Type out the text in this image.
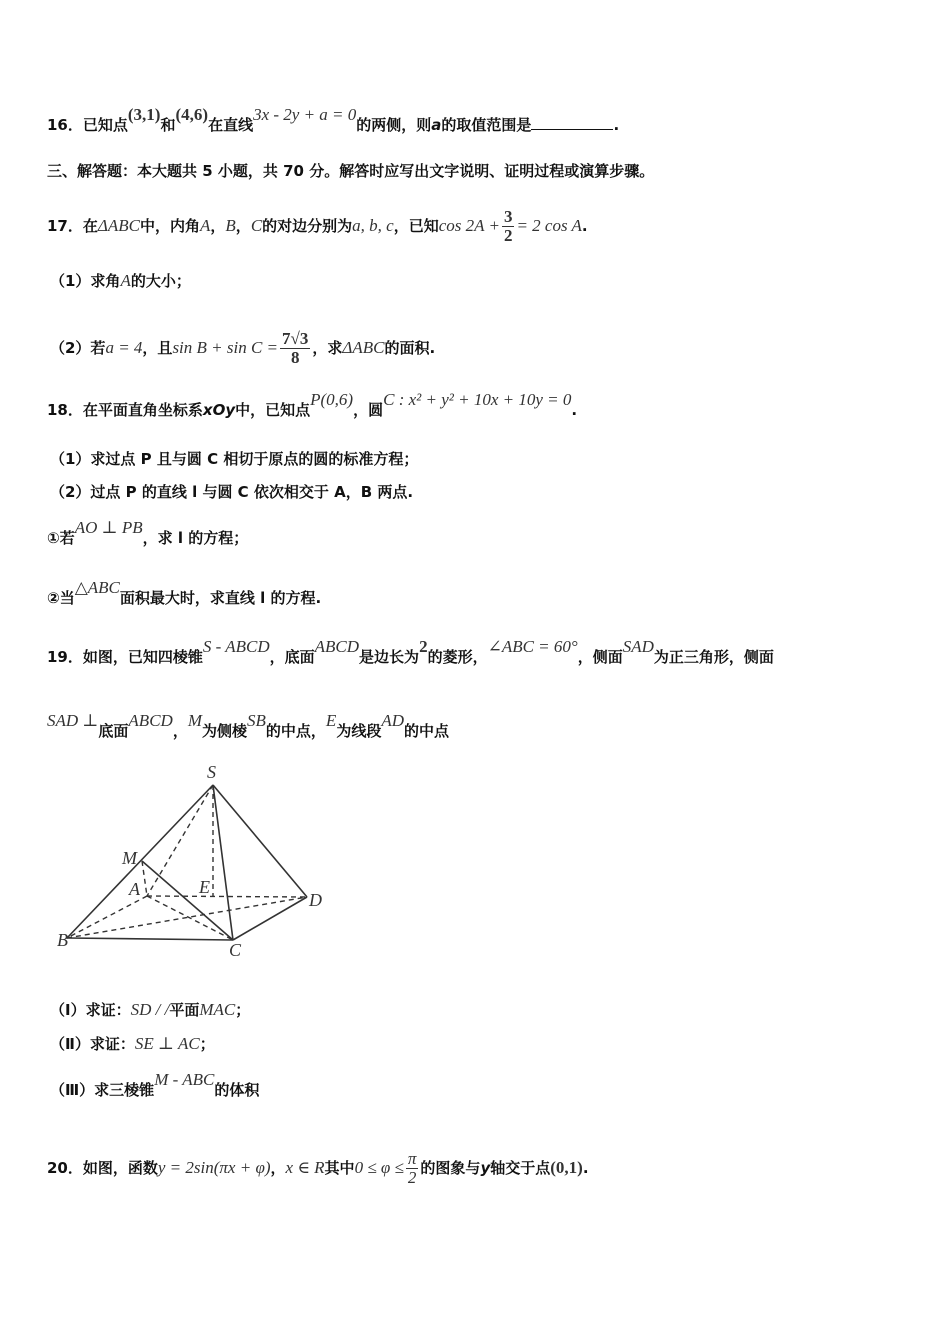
16．已知点(3,1)和(4,6)在直线3x - 2y + a = 0的两侧，则a的取值范围是	.
三、解答题：本大题共 5 小题，共 70 分。解答时应写出文字说明、证明过程或演算步骤。
17．在ΔABC中，内角A，B，C的对边分别为a, b, c，已知$\cos 2A + \frac{3}{2} = 2$ cos A.
（1）求角A的大小；
（2）若a = 4，且$\sin B + \sin C = \frac{7√3}{8}$ ，求ΔABC的面积.
18．在平面直角坐标系xOy中，已知点P(0,6)，圆C : x² + y² + 10x + 10y = 0.
（1）求过点 P 且与圆 C 相切于原点的圆的标准方程；
（2）过点 P 的直线 l 与圆 C 依次相交于 A，B 两点.
①若AO ⊥ PB，求 l 的方程；
②当△ABC面积最大时，求直线 l 的方程.
19．如图，已知四棱锥S - ABCD，底面ABCD是边长为2的菱形，∠ABC = 60°，侧面SAD为正三角形，侧面
SAD ⊥底面ABCD，M为侧棱SB的中点，E为线段AD的中点
S
M
A	E
D
B	C
（Ⅰ）求证：SD / /平面MAC；
（Ⅱ）求证：SE ⊥ AC；
（Ⅲ）求三棱锥M - ABC的体积
20．如图，函数y = 2sin(πx + φ)，x ∈ R其中$0 \le \varphi \le \frac{\pi}{2}$ 的图象与y轴交于点(0,1).
